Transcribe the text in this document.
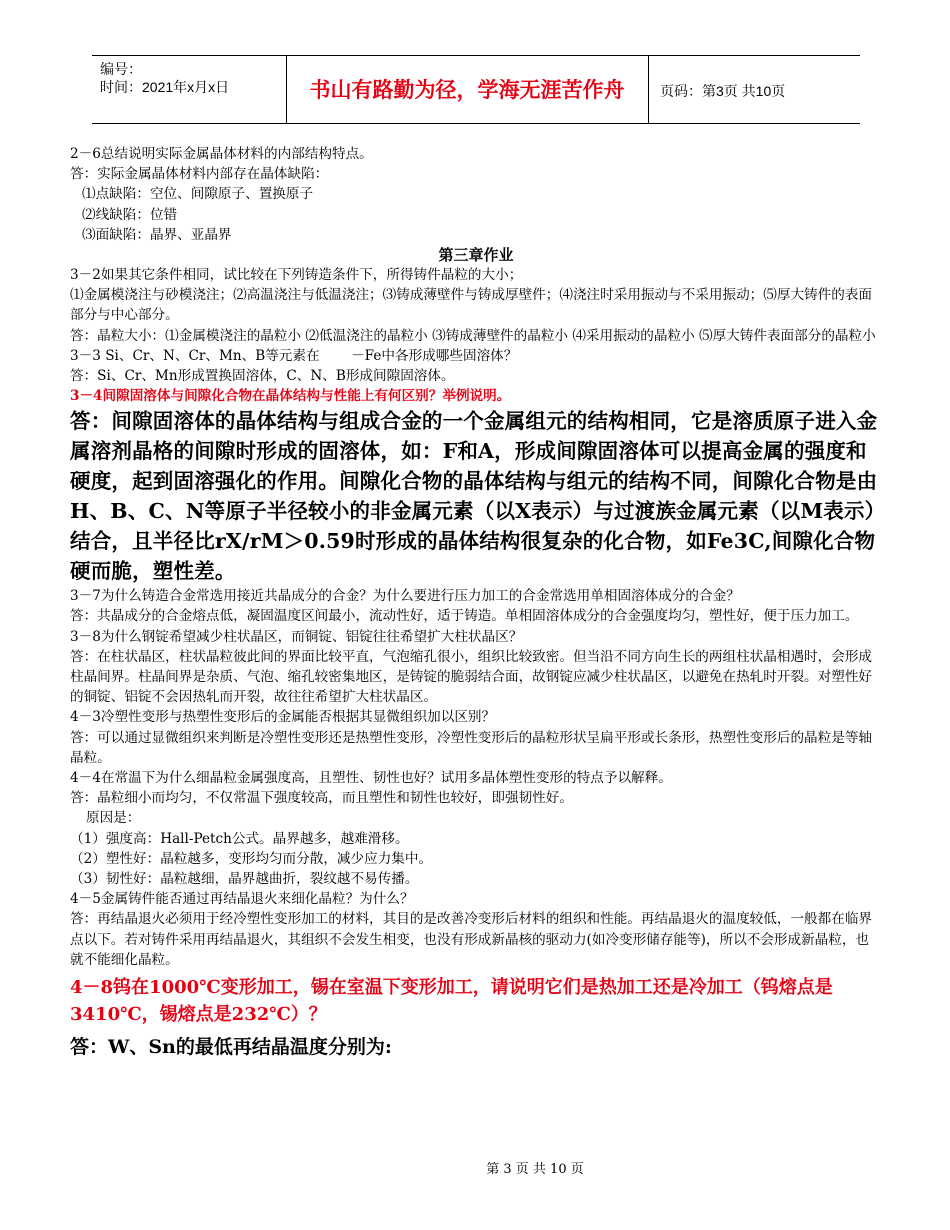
编号：
时间：2021年x月x日	书山有路勤为径，学海无涯苦作舟	页码：第3页 共10页

2－6总结说明实际金属晶体材料的内部结构特点。

答：实际金属晶体材料内部存在晶体缺陷：

⑴点缺陷：空位、间隙原子、置换原子

⑵线缺陷：位错

⑶面缺陷：晶界、亚晶界

第三章作业

3－2如果其它条件相同，试比较在下列铸造条件下，所得铸件晶粒的大小；

⑴金属模浇注与砂模浇注；⑵高温浇注与低温浇注；⑶铸成薄壁件与铸成厚壁件；⑷浇注时采用振动与不采用振动；⑸厚大铸件的表面部分与中心部分。

答：晶粒大小：⑴金属模浇注的晶粒小 ⑵低温浇注的晶粒小 ⑶铸成薄壁件的晶粒小 ⑷采用振动的晶粒小 ⑸厚大铸件表面部分的晶粒小

3－3 Si、Cr、N、Cr、Mn、B等元素在　　 －Fe中各形成哪些固溶体？

答：Si、Cr、Mn形成置换固溶体，C、N、B形成间隙固溶体。

3－4间隙固溶体与间隙化合物在晶体结构与性能上有何区别？举例说明。

答：间隙固溶体的晶体结构与组成合金的一个金属组元的结构相同，它是溶质原子进入金属溶剂晶格的间隙时形成的固溶体，如：F和A，形成间隙固溶体可以提高金属的强度和硬度，起到固溶强化的作用。间隙化合物的晶体结构与组元的结构不同，间隙化合物是由H、B、C、N等原子半径较小的非金属元素（以X表示）与过渡族金属元素（以M表示）结合，且半径比rX/rM＞0.59时形成的晶体结构很复杂的化合物，如Fe3C,间隙化合物硬而脆，塑性差。

3－7为什么铸造合金常选用接近共晶成分的合金？为什么要进行压力加工的合金常选用单相固溶体成分的合金？

答：共晶成分的合金熔点低，凝固温度区间最小，流动性好，适于铸造。单相固溶体成分的合金强度均匀，塑性好，便于压力加工。

3－8为什么钢锭希望减少柱状晶区，而铜锭、铝锭往往希望扩大柱状晶区？

答：在柱状晶区，柱状晶粒彼此间的界面比较平直，气泡缩孔很小，组织比较致密。但当沿不同方向生长的两组柱状晶相遇时，会形成柱晶间界。柱晶间界是杂质、气泡、缩孔较密集地区，是铸锭的脆弱结合面，故钢锭应减少柱状晶区，以避免在热轧时开裂。对塑性好的铜锭、铝锭不会因热轧而开裂，故往往希望扩大柱状晶区。

4－3冷塑性变形与热塑性变形后的金属能否根据其显微组织加以区别？

答：可以通过显微组织来判断是冷塑性变形还是热塑性变形，冷塑性变形后的晶粒形状呈扁平形或长条形，热塑性变形后的晶粒是等轴晶粒。

4－4在常温下为什么细晶粒金属强度高，且塑性、韧性也好？试用多晶体塑性变形的特点予以解释。

答：晶粒细小而均匀，不仅常温下强度较高，而且塑性和韧性也较好，即强韧性好。

原因是：

（1）强度高：Hall-Petch公式。晶界越多，越难滑移。

（2）塑性好：晶粒越多，变形均匀而分散，减少应力集中。

（3）韧性好：晶粒越细，晶界越曲折，裂纹越不易传播。

4－5金属铸件能否通过再结晶退火来细化晶粒？为什么？

答：再结晶退火必须用于经冷塑性变形加工的材料，其目的是改善冷变形后材料的组织和性能。再结晶退火的温度较低，一般都在临界点以下。若对铸件采用再结晶退火，其组织不会发生相变，也没有形成新晶核的驱动力(如冷变形储存能等)，所以不会形成新晶粒，也就不能细化晶粒。

4－8钨在1000℃变形加工，锡在室温下变形加工，请说明它们是热加工还是冷加工（钨熔点是3410℃，锡熔点是232℃）？

答：W、Sn的最低再结晶温度分别为:

第 3 页 共 10 页
